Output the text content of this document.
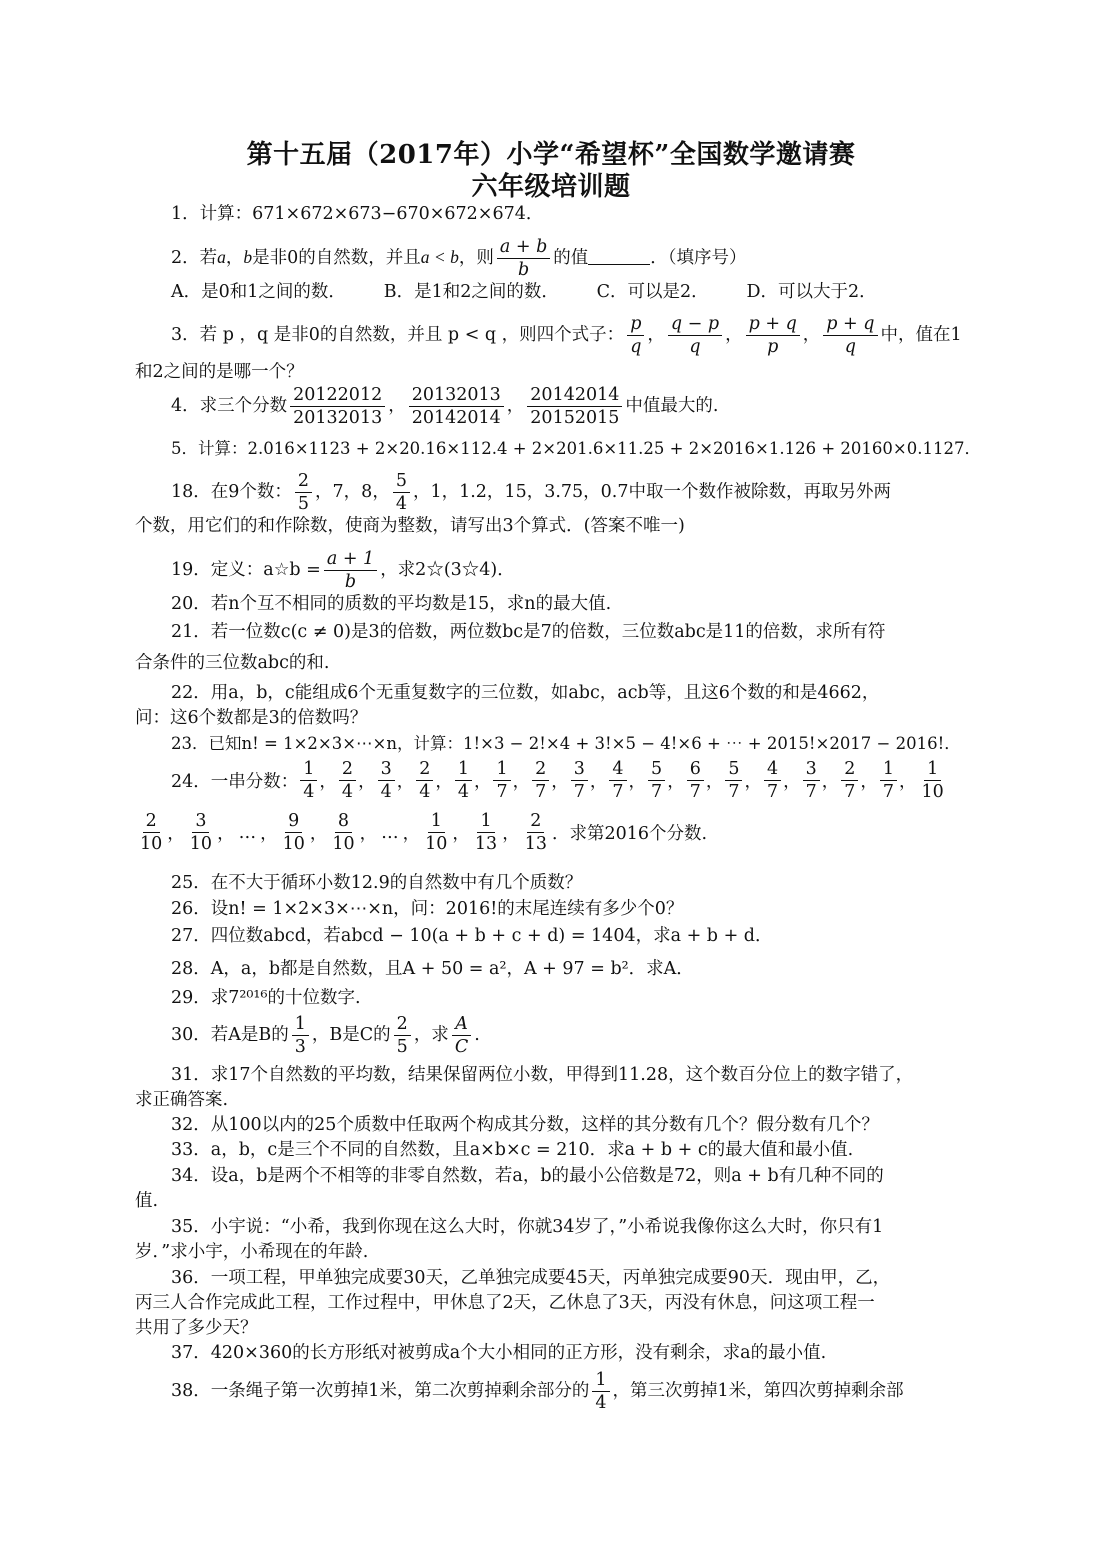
第十五届（2017年）小学“希望杯”全国数学邀请赛
六年级培训题
1．计算：671×672×673−670×672×674．
2．若a，b是非0的自然数，并且a < b，则 $\frac{a + b}{b}$ 的值	．（填序号）
A．是0和1之间的数．     B．是1和2之间的数．     C．可以是2．     D．可以大于2．
3．若 p ，q 是非0的自然数，并且 p < q ，则四个式子： $\frac{p}{q}$ ， $\frac{q - p}{q}$ ， $\frac{p + q}{p}$ ， $\frac{p + q}{q}$ 中，值在1
和2之间的是哪一个？
4．求三个分数 $\frac{20122012}{20132013}$ ， $\frac{20132013}{20142014}$ ， $\frac{20142014}{20152015}$ 中值最大的.
5．计算：2.016×1123 + 2×20.16×112.4 + 2×201.6×11.25 + 2×2016×1.126 + 20160×0.1127．
18．在9个数： $\frac{2}{5}$ ，7，8， $\frac{5}{4}$ ，1，1.2，15，3.75，0.7中取一个数作被除数，再取另外两
个数，用它们的和作除数，使商为整数，请写出3个算式．(答案不唯一)
19．定义：a☆b = $\frac{a + 1}{b}$ ，求2☆(3☆4)．
20．若n个互不相同的质数的平均数是15，求n的最大值.
21．若一位数c(c ≠ 0)是3的倍数，两位数bc是7的倍数，三位数abc是11的倍数，求所有符
合条件的三位数abc的和.
22．用a，b，c能组成6个无重复数字的三位数，如abc，acb等，且这6个数的和是4662，
问：这6个数都是3的倍数吗？
23．已知n! = 1×2×3×⋯×n，计算：1!×3 − 2!×4 + 3!×5 − 4!×6 + ⋯ + 2015!×2017 − 2016!．
24．一串分数： $\frac{1}{4}$ ， $\frac{2}{4}$ ， $\frac{3}{4}$ ， $\frac{2}{4}$ ， $\frac{1}{4}$ ， $\frac{1}{7}$ ， $\frac{2}{7}$ ， $\frac{3}{7}$ ， $\frac{4}{7}$ ， $\frac{5}{7}$ ， $\frac{6}{7}$ ， $\frac{5}{7}$ ， $\frac{4}{7}$ ， $\frac{3}{7}$ ， $\frac{2}{7}$ ， $\frac{1}{7}$ ， $\frac{1}{10}$
$\frac{2}{10}$ ， $\frac{3}{10}$ ， … ， $\frac{9}{10}$ ， $\frac{8}{10}$ ， … ， $\frac{1}{10}$ ， $\frac{1}{13}$ ， $\frac{2}{13}$ ．求第2016个分数.
25．在不大于循环小数12.9的自然数中有几个质数？
26．设n! = 1×2×3×⋯×n，问：2016!的末尾连续有多少个0？
27．四位数abcd，若abcd − 10(a + b + c + d) = 1404，求a + b + d．
28．A，a，b都是自然数，且A + 50 = a²，A + 97 = b²．求A．
29．求7²⁰¹⁶的十位数字.
30．若A是B的 $\frac{1}{3}$ ，B是C的 $\frac{2}{5}$ ，求 $\frac{A}{C}$ .
31．求17个自然数的平均数，结果保留两位小数，甲得到11.28，这个数百分位上的数字错了，
求正确答案.
32．从100以内的25个质数中任取两个构成其分数，这样的其分数有几个？假分数有几个？
33．a，b，c是三个不同的自然数，且a×b×c = 210．求a + b + c的最大值和最小值.
34．设a，b是两个不相等的非零自然数，若a，b的最小公倍数是72，则a + b有几种不同的
值.
35．小宇说：“小希，我到你现在这么大时，你就34岁了，”小希说我像你这么大时，你只有1
岁．”求小宇，小希现在的年龄.
36．一项工程，甲单独完成要30天，乙单独完成要45天，丙单独完成要90天．现由甲，乙，
丙三人合作完成此工程，工作过程中，甲休息了2天，乙休息了3天，丙没有休息，问这项工程一
共用了多少天？
37．420×360的长方形纸对被剪成a个大小相同的正方形，没有剩余，求a的最小值.
38．一条绳子第一次剪掉1米，第二次剪掉剩余部分的 $\frac{1}{4}$ ，第三次剪掉1米，第四次剪掉剩余部
